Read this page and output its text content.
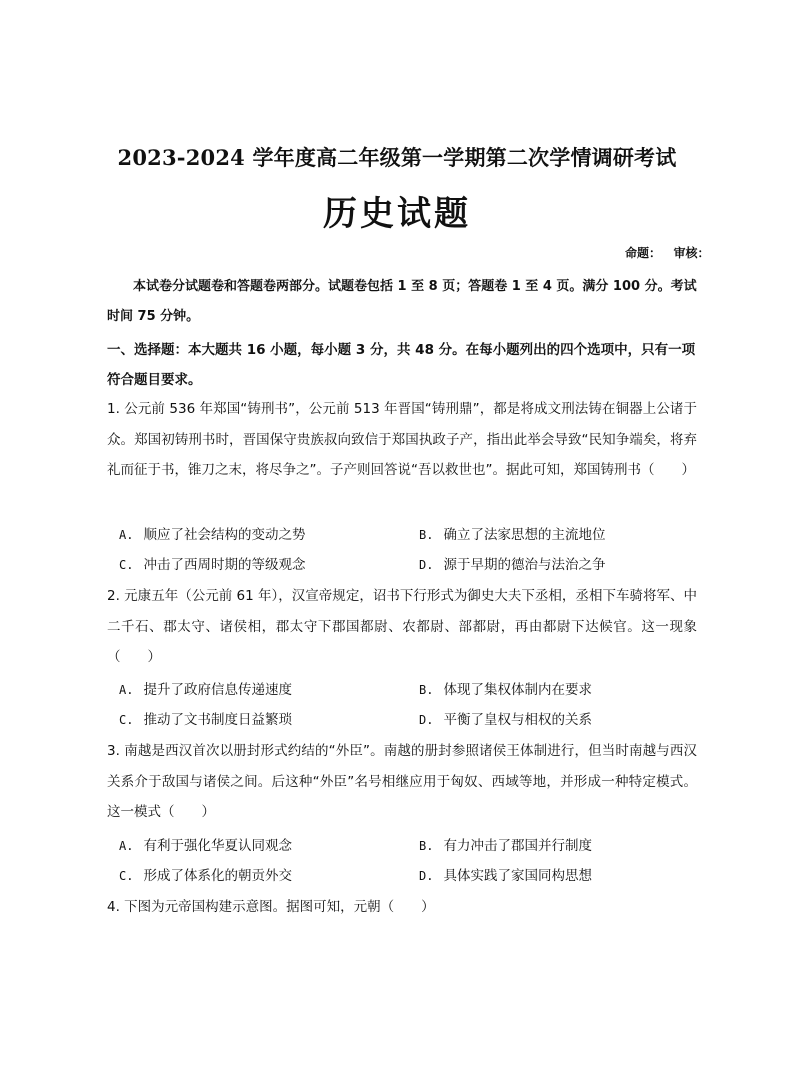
2023-2024 学年度高二年级第一学期第二次学情调研考试
历史试题
命题：   审核：
本试卷分试题卷和答题卷两部分。试题卷包括 1 至 8 页；答题卷 1 至 4 页。满分 100 分。考试时间 75 分钟。
一、选择题：本大题共 16 小题，每小题 3 分，共 48 分。在每小题列出的四个选项中，只有一项符合题目要求。
1. 公元前 536 年郑国“铸刑书”，公元前 513 年晋国“铸刑鼎”，都是将成文刑法铸在铜器上公诸于众。郑国初铸刑书时，晋国保守贵族叔向致信于郑国执政子产，指出此举会导致“民知争端矣，将弃礼而征于书，锥刀之末，将尽争之”。子产则回答说“吾以救世也”。据此可知，郑国铸刑书（　　）
A. 顺应了社会结构的变动之势	B. 确立了法家思想的主流地位
C. 冲击了西周时期的等级观念	D. 源于早期的德治与法治之争
2. 元康五年（公元前 61 年），汉宣帝规定，诏书下行形式为御史大夫下丞相，丞相下车骑将军、中二千石、郡太守、诸侯相，郡太守下郡国都尉、农都尉、部都尉，再由都尉下达候官。这一现象（　　）
A. 提升了政府信息传递速度	B. 体现了集权体制内在要求
C. 推动了文书制度日益繁琐	D. 平衡了皇权与相权的关系
3. 南越是西汉首次以册封形式约结的“外臣”。南越的册封参照诸侯王体制进行，但当时南越与西汉关系介于敌国与诸侯之间。后这种“外臣”名号相继应用于匈奴、西域等地，并形成一种特定模式。这一模式（　　）
A. 有利于强化华夏认同观念	B. 有力冲击了郡国并行制度
C. 形成了体系化的朝贡外交	D. 具体实践了家国同构思想
4. 下图为元帝国构建示意图。据图可知，元朝（　　）
